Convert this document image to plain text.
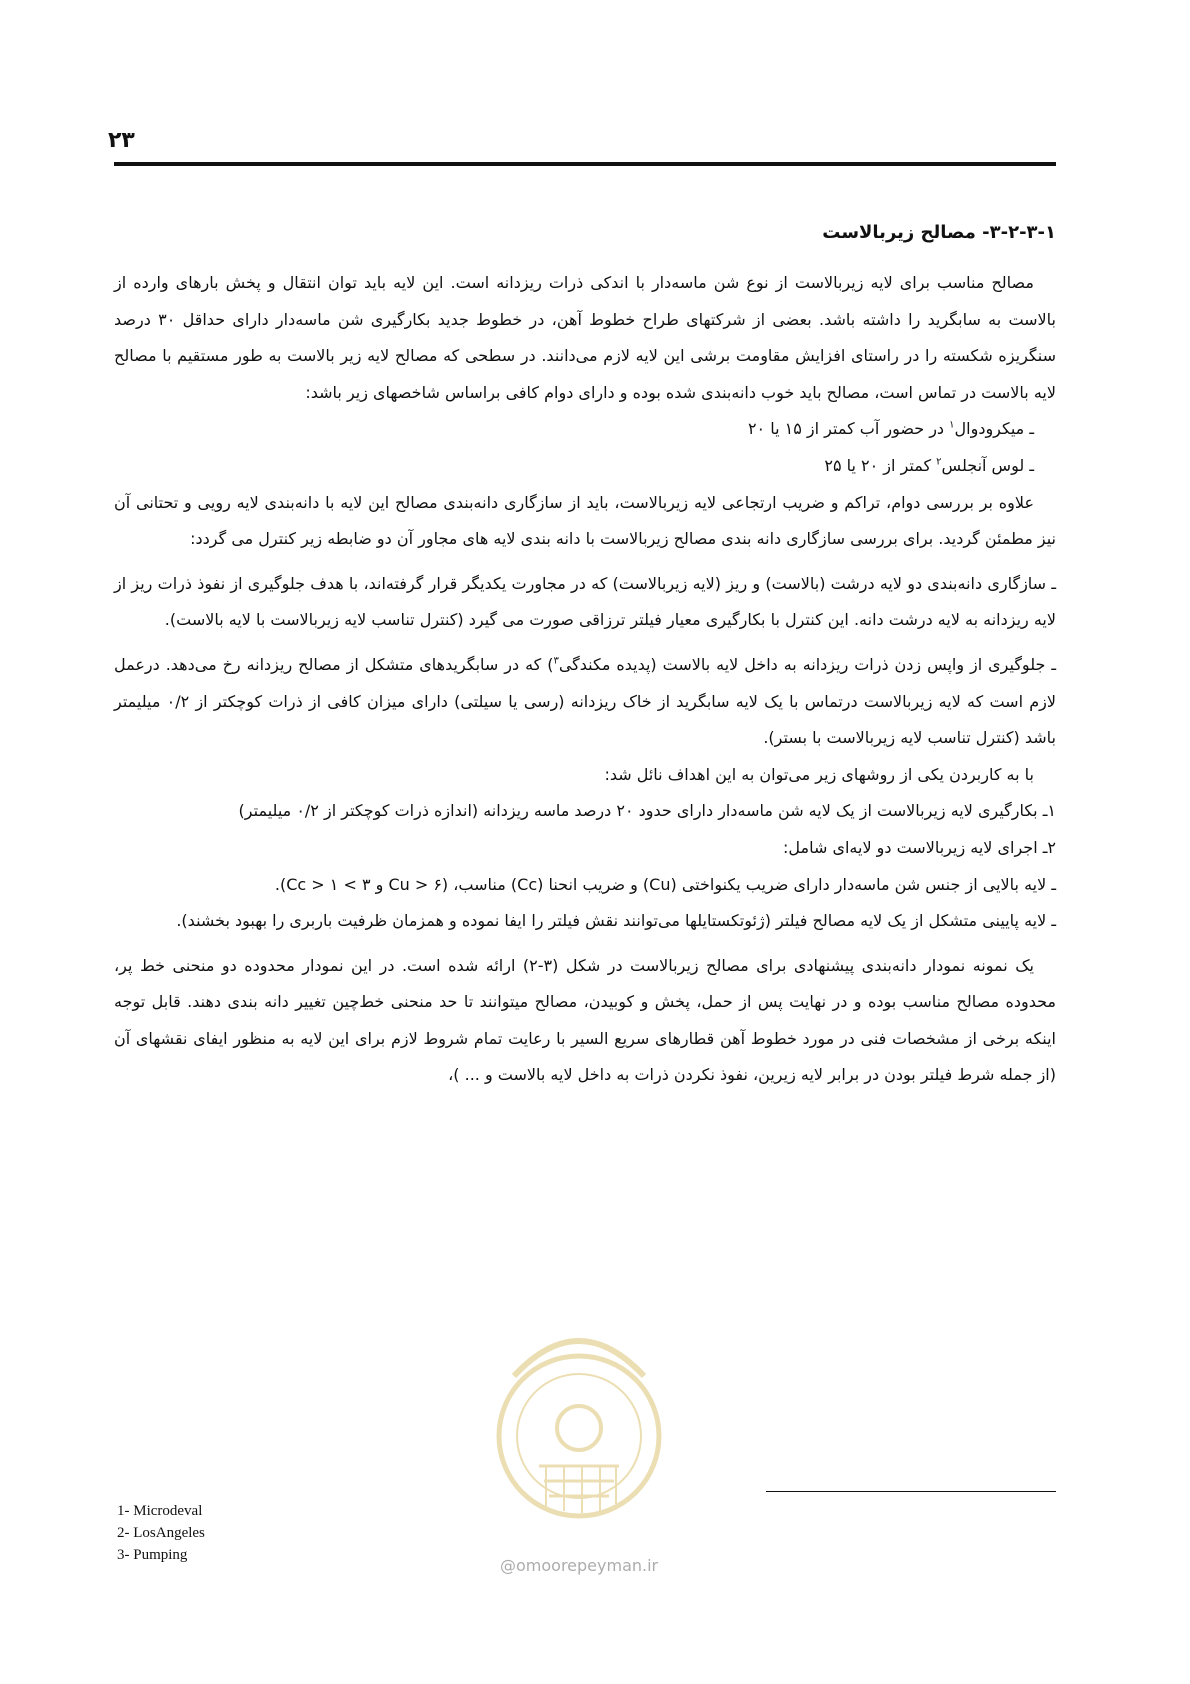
۲۳

۳-۲-۳-۱- مصالح زیربالاست

مصالح مناسب برای لایه زیربالاست از نوع شن ماسه‌دار با اندکی ذرات ریزدانه است. این لایه باید توان انتقال و پخش بارهای وارده از بالاست به سابگرید را داشته باشد. بعضی از شرکتهای طراح خطوط آهن، در خطوط جدید بکارگیری شن ماسه‌دار دارای حداقل ۳۰ درصد سنگریزه شکسته را در راستای افزایش مقاومت برشی این لایه لازم می‌دانند. در سطحی که مصالح لایه زیر بالاست به طور مستقیم با مصالح لایه بالاست در تماس است، مصالح باید خوب دانه‌بندی شده بوده و دارای دوام کافی براساس شاخصهای زیر باشد:

ـ میکرودوال$^۱$ در حضور آب کمتر از ۱۵ یا ۲۰

ـ لوس آنجلس$^۲$ کمتر از ۲۰ یا ۲۵

علاوه بر بررسی دوام، تراکم و ضریب ارتجاعی لایه زیربالاست، باید از سازگاری دانه‌بندی مصالح این لایه با دانه‌بندی لایه رویی و تحتانی آن نیز مطمئن گردید. برای بررسی سازگاری دانه بندی مصالح زیربالاست با دانه بندی لایه های مجاور آن دو ضابطه زیر کنترل می گردد:

ـ سازگاری دانه‌بندی دو لایه درشت (بالاست) و ریز (لایه زیربالاست) که در مجاورت یکدیگر قرار گرفته‌اند، با هدف جلوگیری از نفوذ ذرات ریز از لایه ریزدانه به لایه درشت دانه. این کنترل با بکارگیری معیار فیلتر ترزاقی صورت می گیرد (کنترل تناسب لایه زیربالاست با لایه بالاست).

ـ جلوگیری از واپس زدن ذرات ریزدانه به داخل لایه بالاست (پدیده مکندگی$^۳$) که در سابگریدهای متشکل از مصالح ریزدانه رخ می‌دهد. درعمل لازم است که لایه زیربالاست درتماس با یک لایه سابگرید از خاک ریزدانه (رسی یا سیلتی) دارای میزان کافی از ذرات کوچکتر از ۰/۲ میلیمتر باشد (کنترل تناسب لایه زیربالاست با بستر).

با به کاربردن یکی از روشهای زیر می‌توان به این اهداف نائل شد:

۱ـ بکارگیری لایه زیربالاست از یک لایه شن ماسه‌دار دارای حدود ۲۰ درصد ماسه ریزدانه (اندازه ذرات کوچکتر از ۰/۲ میلیمتر)

۲ـ اجرای لایه زیربالاست دو لایه‌ای شامل:

ـ لایه بالایی از جنس شن ماسه‌دار دارای ضریب یکنواختی (Cu) و ضریب انحنا (Cc) مناسب، (Cu > ۶ و ۳ > Cc > ۱).

ـ لایه پایینی متشکل از یک لایه مصالح فیلتر (ژئوتکستایلها می‌توانند نقش فیلتر را ایفا نموده و همزمان ظرفیت باربری را بهبود بخشند).

یک نمونه نمودار دانه‌بندی پیشنهادی برای مصالح زیربالاست در شکل (۳-۲) ارائه شده است. در این نمودار محدوده دو منحنی خط پر، محدوده مصالح مناسب بوده و در نهایت پس از حمل، پخش و کوبیدن، مصالح میتوانند تا حد منحنی خط‌چین تغییر دانه بندی دهند. قابل توجه اینکه برخی از مشخصات فنی در مورد خطوط آهن قطارهای سریع السیر با رعایت تمام شروط لازم برای این لایه به منظور ایفای نقشهای آن (از جمله شرط فیلتر بودن در برابر لایه زیرین، نفوذ نکردن ذرات به داخل لایه بالاست و ... )،

@omoorepeyman.ir

1- Microdeval
2- LosAngeles
3- Pumping
